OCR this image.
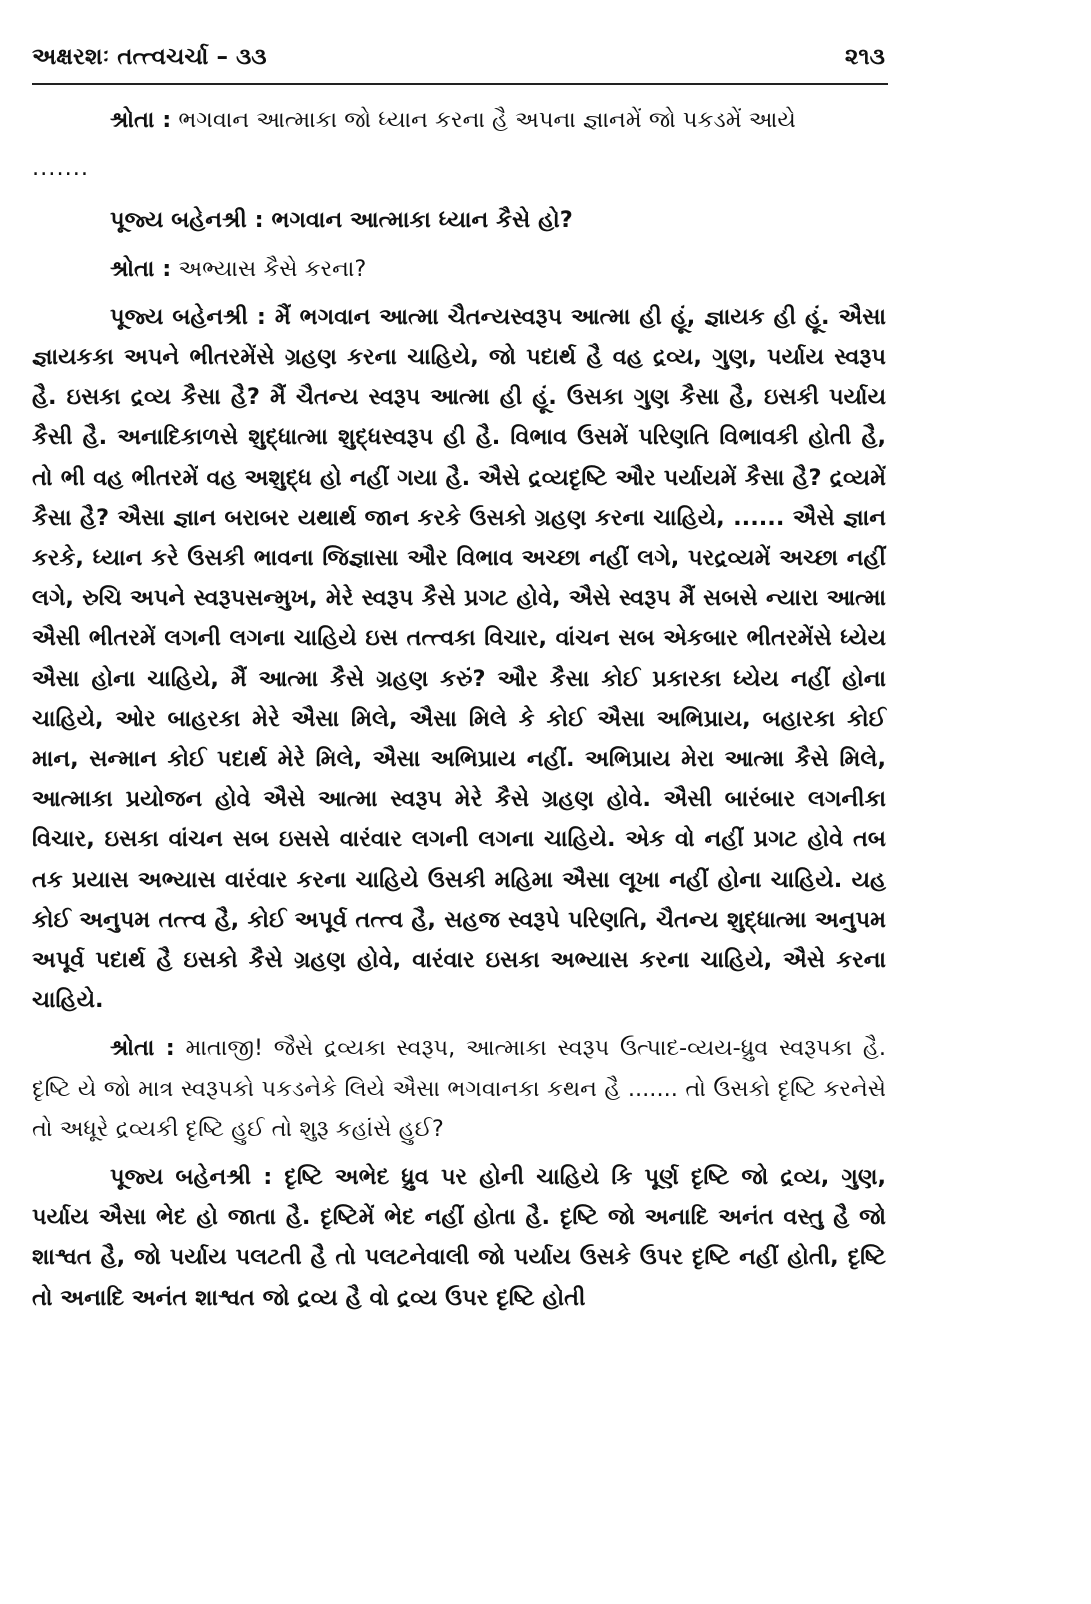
અક્ષરશઃ તત્ત્વચર્ચા – ૩૩	૨૧૩

શ્રોતા : ભગવાન આત્માકા જો ધ્યાન કરના હૈ અપના જ્ઞાનમેં જો પકડમેં આયે

.......

પૂજ્ય બહેનશ્રી : ભગવાન આત્માકા ધ્યાન કૈસે હો?

શ્રોતા : અભ્યાસ કૈસે કરના?

પૂજ્ય બહેનશ્રી : મૈં ભગવાન આત્મા ચૈતન્યસ્વરૂપ આત્મા હી હૂં, જ્ઞાયક હી હૂં. ઐસા જ્ઞાયકકા અપને ભીતરમેંસે ગ્રહણ કરના ચાહિયે, જો પદાર્થ હૈ વહ દ્રવ્ય, ગુણ, પર્યાય સ્વરૂપ હૈ. ઇસકા દ્રવ્ય કૈસા હૈ? મૈં ચૈતન્ય સ્વરૂપ આત્મા હી હૂં. ઉસકા ગુણ કૈસા હૈ, ઇસકી પર્યાય કૈસી હૈ. અનાદિકાળસે શુદ્ધાત્મા શુદ્ધસ્વરૂપ હી હૈ. વિભાવ ઉસમેં પરિણતિ વિભાવકી હોતી હૈ, તો ભી વહ ભીતરમેં વહ અશુદ્ધ હો નહીં ગયા હૈ. ઐસે દ્રવ્યદૃષ્ટિ ઔર પર્યાયમેં કૈસા હૈ? દ્રવ્યમેં કૈસા હૈ? ઐસા જ્ઞાન બરાબર યથાર્થ જાન કરકે ઉસકો ગ્રહણ કરના ચાહિયે, ...... ઐસે જ્ઞાન કરકે, ધ્યાન કરે ઉસકી ભાવના જિજ્ઞાસા ઔર વિભાવ અચ્છા નહીં લગે, પરદ્રવ્યમેં અચ્છા નહીં લગે, રુચિ અપને સ્વરૂપસન્મુખ, મેરે સ્વરૂપ કૈસે પ્રગટ હોવે, ઐસે સ્વરૂપ મૈં સબસે ન્યારા આત્મા ઐસી ભીતરમેં લગની લગના ચાહિયે ઇસ તત્ત્વકા વિચાર, વાંચન સબ એકબાર ભીતરમેંસે ધ્યેય ઐસા હોના ચાહિયે, મૈં આત્મા કૈસે ગ્રહણ કરું? ઔર કૈસા કોઈ પ્રકારકા ધ્યેય નહીં હોના ચાહિયે, ઓર બાહરકા મેરે ઐસા મિલે, ઐસા મિલે કે કોઈ ઐસા અભિપ્રાય, બહારકા કોઈ માન, સન્માન કોઈ પદાર્થ મેરે મિલે, ઐસા અભિપ્રાય નહીં. અભિપ્રાય મેરા આત્મા કૈસે મિલે, આત્માકા પ્રયોજન હોવે ઐસે આત્મા સ્વરૂપ મેરે કૈસે ગ્રહણ હોવે. ઐસી બારંબાર લગનીકા વિચાર, ઇસકા વાંચન સબ ઇસસે વારંવાર લગની લગના ચાહિયે. એક વો નહીં પ્રગટ હોવે તબ તક પ્રયાસ અભ્યાસ વારંવાર કરના ચાહિયે ઉસકી મહિમા ઐસા લૂખા નહીં હોના ચાહિયે. યહ કોઈ અનુપમ તત્ત્વ હૈ, કોઈ અપૂર્વ તત્ત્વ હૈ, સહજ સ્વરૂપે પરિણતિ, ચૈતન્ય શુદ્ધાત્મા અનુપમ અપૂર્વ પદાર્થ હૈ ઇસકો કૈસે ગ્રહણ હોવે, વારંવાર ઇસકા અભ્યાસ કરના ચાહિયે, ઐસે કરના ચાહિયે.

શ્રોતા : માતાજી! જૈસે દ્રવ્યકા સ્વરૂપ, આત્માકા સ્વરૂપ ઉત્પાદ-વ્યય-ધ્રુવ સ્વરૂપકા હૈ. દૃષ્ટિ યે જો માત્ર સ્વરૂપકો પકડનેકે લિયે ઐસા ભગવાનકા કથન હૈ ....... તો ઉસકો દૃષ્ટિ કરનેસે તો અધૂરે દ્રવ્યકી દૃષ્ટિ હુઈ તો શુરૂ કહાંસે હુઈ?

પૂજ્ય બહેનશ્રી : દૃષ્ટિ અભેદ ધ્રુવ પર હોની ચાહિયે કિ પૂર્ણ દૃષ્ટિ જો દ્રવ્ય, ગુણ, પર્યાય ઐસા ભેદ હો જાતા હૈ. દૃષ્ટિમેં ભેદ નહીં હોતા હૈ. દૃષ્ટિ જો અનાદિ અનંત વસ્તુ હૈ જો શાશ્વત હૈ, જો પર્યાય પલટતી હૈ તો પલટનેવાલી જો પર્યાય ઉસકે ઉપર દૃષ્ટિ નહીં હોતી, દૃષ્ટિ તો અનાદિ અનંત શાશ્વત જો દ્રવ્ય હૈ વો દ્રવ્ય ઉપર દૃષ્ટિ હોતી
